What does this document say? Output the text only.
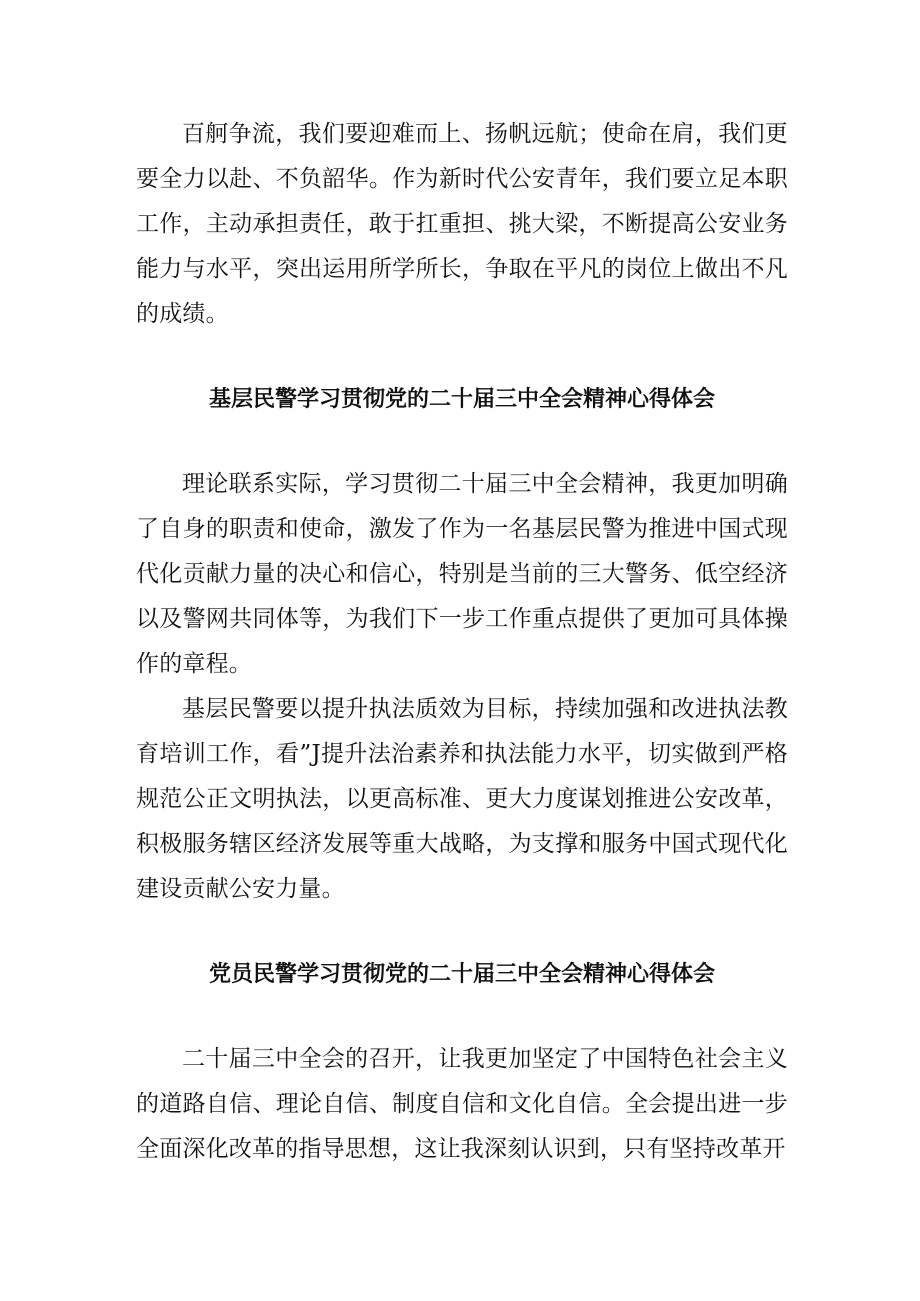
百舸争流，我们要迎难而上、扬帆远航；使命在肩，我们更要全力以赴、不负韶华。作为新时代公安青年，我们要立足本职工作，主动承担责任，敢于扛重担、挑大梁，不断提高公安业务能力与水平，突出运用所学所长，争取在平凡的岗位上做出不凡的成绩。

基层民警学习贯彻党的二十届三中全会精神心得体会

理论联系实际，学习贯彻二十届三中全会精神，我更加明确了自身的职责和使命，激发了作为一名基层民警为推进中国式现代化贡献力量的决心和信心，特别是当前的三大警务、低空经济以及警网共同体等，为我们下一步工作重点提供了更加可具体操作的章程。

基层民警要以提升执法质效为目标，持续加强和改进执法教育培训工作，看”J提升法治素养和执法能力水平，切实做到严格规范公正文明执法，以更高标准、更大力度谋划推进公安改革，积极服务辖区经济发展等重大战略，为支撑和服务中国式现代化建设贡献公安力量。

党员民警学习贯彻党的二十届三中全会精神心得体会

二十届三中全会的召开，让我更加坚定了中国特色社会主义的道路自信、理论自信、制度自信和文化自信。全会提出进一步全面深化改革的指导思想，这让我深刻认识到，只有坚持改革开
